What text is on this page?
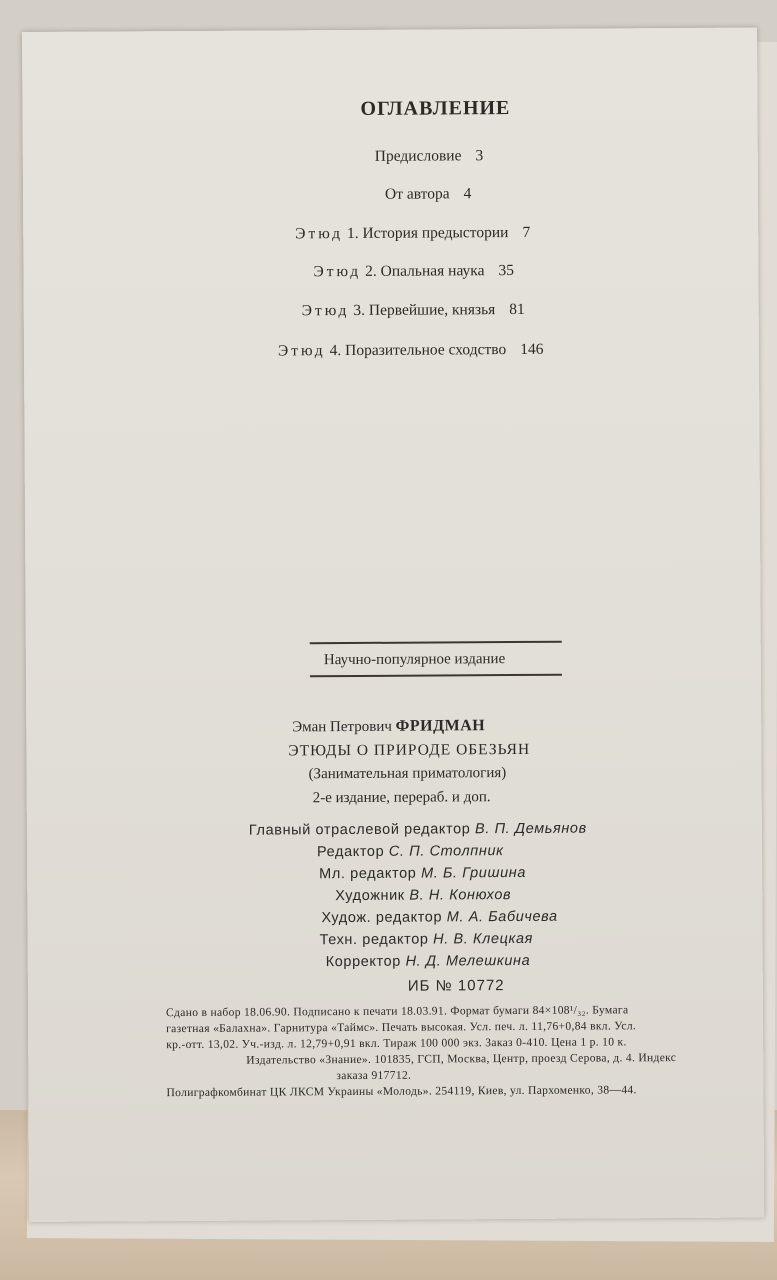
ОГЛАВЛЕНИЕ
Предисловие 3
От автора 4
Этюд 1. История предыстории 7
Этюд 2. Опальная наука 35
Этюд 3. Первейшие, князья 81
Этюд 4. Поразительное сходство 146
Научно-популярное издание
Эман Петрович ФРИДМАН
ЭТЮДЫ О ПРИРОДЕ ОБЕЗЬЯН
(Занимательная приматология)
2-е издание, перераб. и доп.
Главный отраслевой редактор В. П. Демьянов
Редактор С. П. Столпник
Мл. редактор М. Б. Гришина
Художник В. Н. Конюхов
Худож. редактор М. А. Бабичева
Техн. редактор Н. В. Клецкая
Корректор Н. Д. Мелешкина
ИБ № 10772

Сдано в набор 18.06.90. Подписано к печати 18.03.91. Формат бумаги 84×108¹/₃₂. Бумага

газетная «Балахна». Гарнитура «Таймс». Печать высокая. Усл. печ. л. 11,76+0,84 вкл. Усл.

кр.-отт. 13,02. Уч.-изд. л. 12,79+0,91 вкл. Тираж 100 000 экз. Заказ 0-410. Цена 1 р. 10 к.

Издательство «Знание». 101835, ГСП, Москва, Центр, проезд Серова, д. 4. Индекс

заказа 917712.

Полиграфкомбинат ЦК ЛКСМ Украины «Молодь». 254119, Киев, ул. Пархоменко, 38—44.
